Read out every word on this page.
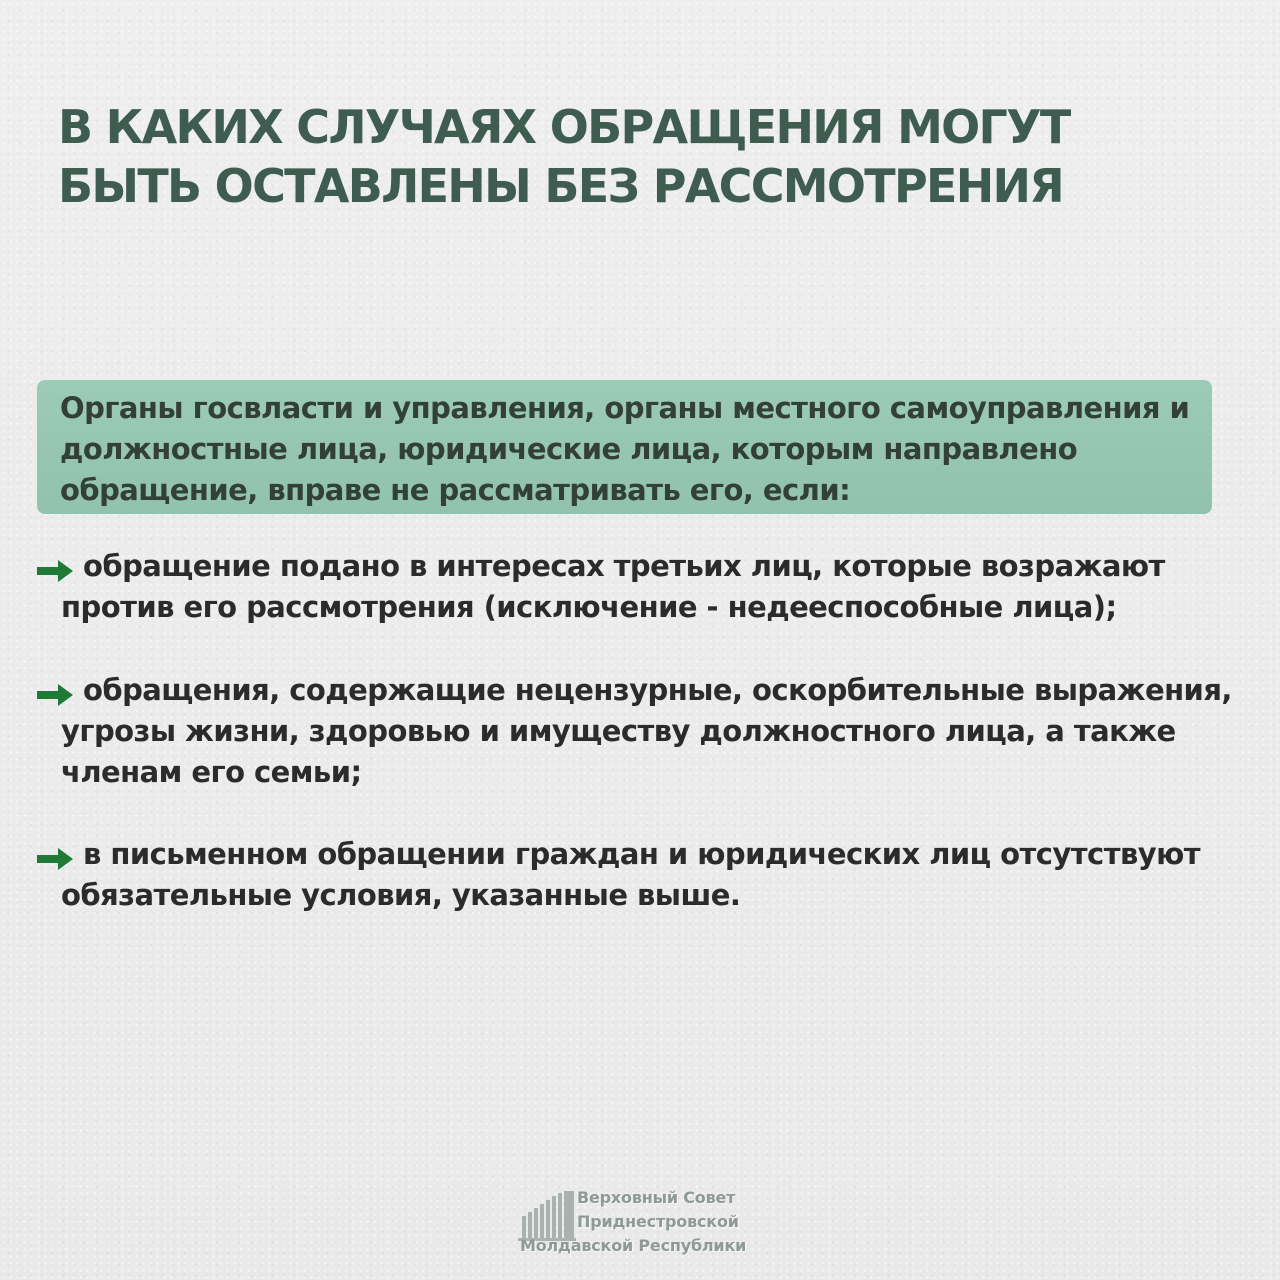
В КАКИХ СЛУЧАЯХ ОБРАЩЕНИЯ МОГУТ
БЫТЬ ОСТАВЛЕНЫ БЕЗ РАССМОТРЕНИЯ

Органы госвласти и управления, органы местного самоуправления и
должностные лица, юридические лица, которым направлено
обращение, вправе не рассматривать его, если:

обращение подано в интересах третьих лиц, которые возражают
против его рассмотрения (исключение - недееспособные лица);

обращения, содержащие нецензурные, оскорбительные выражения,
угрозы жизни, здоровью и имуществу должностного лица, а также
членам его семьи;

в письменном обращении граждан и юридических лиц отсутствуют
обязательные условия, указанные выше.

Верховный Совет
Приднестровской
Молдавской Республики
